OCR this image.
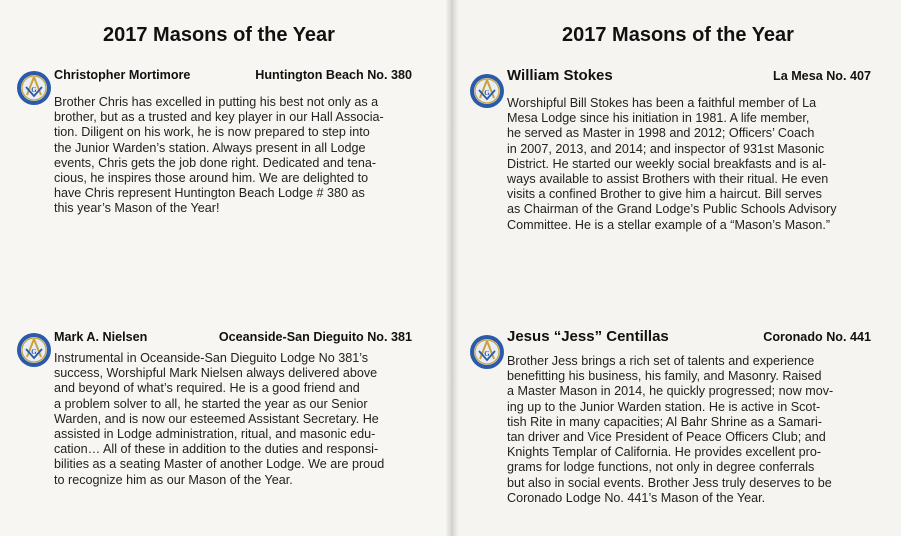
2017 Masons of the Year
G
Christopher Mortimore	Huntington Beach No. 380
Brother Chris has excelled in putting his best not only as a
brother, but as a trusted and key player in our Hall Associa-
tion. Diligent on his work, he is now prepared to step into
the Junior Warden’s station. Always present in all Lodge
events, Chris gets the job done right. Dedicated and tena-
cious, he inspires those around him. We are delighted to
have Chris represent Huntington Beach Lodge # 380 as
this year’s Mason of the Year!
G
Mark A. Nielsen	Oceanside-San Dieguito No. 381
Instrumental in Oceanside-San Dieguito Lodge No 381’s
success, Worshipful Mark Nielsen always delivered above
and beyond of what’s required. He is a good friend and
a problem solver to all, he started the year as our Senior
Warden, and is now our esteemed Assistant Secretary. He
assisted in Lodge administration, ritual, and masonic edu-
cation… All of these in addition to the duties and responsi-
bilities as a seating Master of another Lodge. We are proud
to recognize him as our Mason of the Year.
2017 Masons of the Year
G
William Stokes	La Mesa No. 407
Worshipful Bill Stokes has been a faithful member of La
Mesa Lodge since his initiation in 1981. A life member,
he served as Master in 1998 and 2012; Officers’ Coach
in 2007, 2013, and 2014; and inspector of 931st Masonic
District. He started our weekly social breakfasts and is al-
ways available to assist Brothers with their ritual. He even
visits a confined Brother to give him a haircut. Bill serves
as Chairman of the Grand Lodge’s Public Schools Advisory
Committee. He is a stellar example of a “Mason’s Mason.”
G
Jesus “Jess” Centillas	Coronado No. 441
Brother Jess brings a rich set of talents and experience
benefitting his business, his family, and Masonry. Raised
a Master Mason in 2014, he quickly progressed; now mov-
ing up to the Junior Warden station. He is active in Scot-
tish Rite in many capacities; Al Bahr Shrine as a Samari-
tan driver and Vice President of Peace Officers Club; and
Knights Templar of California. He provides excellent pro-
grams for lodge functions, not only in degree conferrals
but also in social events. Brother Jess truly deserves to be
Coronado Lodge No. 441’s Mason of the Year.
